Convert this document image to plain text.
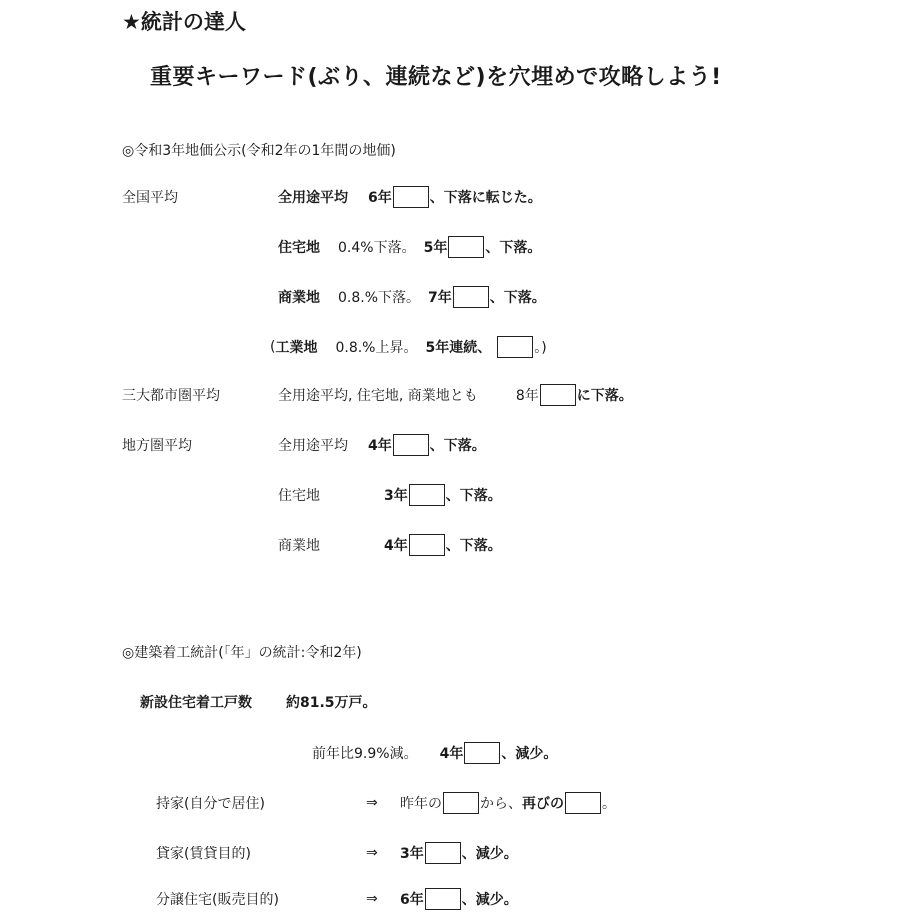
★統計の達人
重要キーワード(ぶり、連続など)を穴埋めで攻略しよう!
◎令和3年地価公示(令和2年の1年間の地価)
全国平均	全用途平均 6年	、下落に転じた。
住宅地 0.4%下落。 5年	、下落。
商業地 0.8.%下落。 7年	、下落。
( 工業地 0.8.%上昇。 5年連続、	。)
三大都市圏平均	全用途平均, 住宅地, 商業地とも	8年	に下落。
地方圏平均	全用途平均 4年	、下落。
住宅地	3年	、下落。
商業地	4年	、下落。
◎建築着工統計(「年」の統計:令和2年)
新設住宅着工戸数 約81.5万戸。
前年比9.9%減。 4年	、減少。
持家(自分で居住)	⇒	昨年の	から、 再びの	。
貸家(賃貸目的)	⇒	3年	、減少。
分譲住宅(販売目的)	⇒	6年	、減少。
